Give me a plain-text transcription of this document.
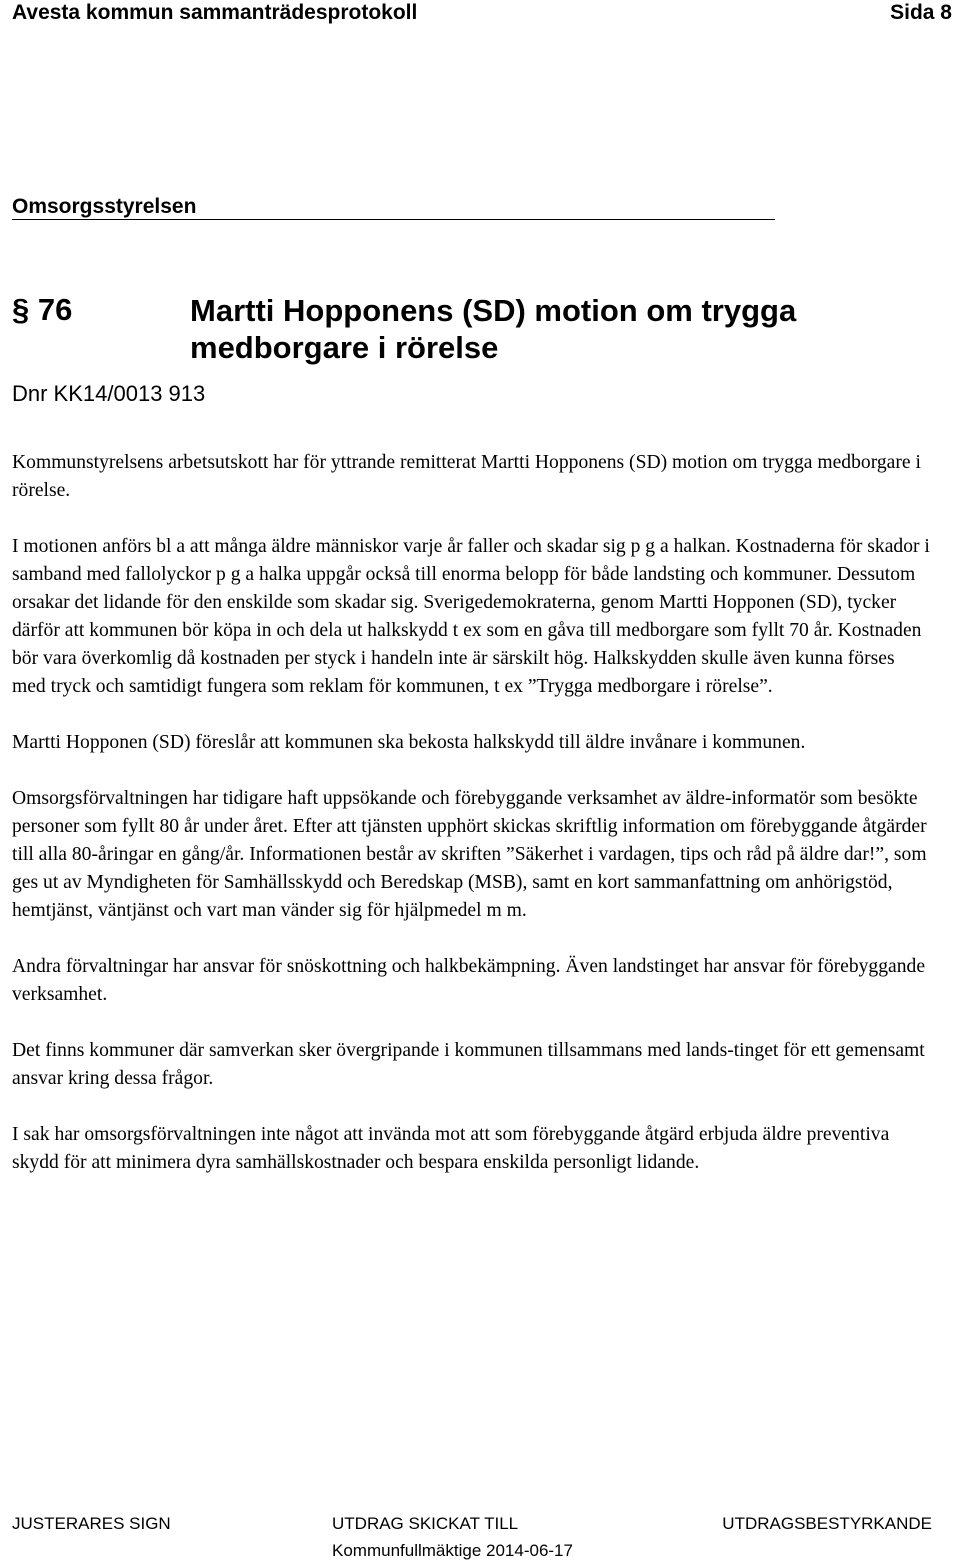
Avesta kommun sammanträdesprotokoll	Sida 8
Omsorgsstyrelsen
§ 76	Martti Hopponens (SD) motion om trygga
medborgare i rörelse
Dnr KK14/0013 913

Kommunstyrelsens arbetsutskott har för yttrande remitterat Martti Hopponens (SD) motion om trygga medborgare i rörelse.

I motionen anförs bl a att många äldre människor varje år faller och skadar sig p g a halkan. Kostnaderna för skador i samband med fallolyckor p g a halka uppgår också till enorma belopp för både landsting och kommuner. Dessutom orsakar det lidande för den enskilde som skadar sig. Sverigedemokraterna, genom Martti Hopponen (SD), tycker därför att kommunen bör köpa in och dela ut halkskydd t ex som en gåva till medborgare som fyllt 70 år. Kostnaden bör vara överkomlig då kostnaden per styck i handeln inte är särskilt hög. Halkskydden skulle även kunna förses med tryck och samtidigt fungera som reklam för kommunen, t ex ”Trygga medborgare i rörelse”.

Martti Hopponen (SD) föreslår att kommunen ska bekosta halkskydd till äldre invånare i kommunen.

Omsorgsförvaltningen har tidigare haft uppsökande och förebyggande verksamhet av äldre-informatör som besökte personer som fyllt 80 år under året. Efter att tjänsten upphört skickas skriftlig information om förebyggande åtgärder till alla 80-åringar en gång/år. Informationen består av skriften ”Säkerhet i vardagen, tips och råd på äldre dar!”, som ges ut av Myndigheten för Samhällsskydd och Beredskap (MSB), samt en kort sammanfattning om anhörigstöd, hemtjänst, väntjänst och vart man vänder sig för hjälpmedel m m.

Andra förvaltningar har ansvar för snöskottning och halkbekämpning. Även landstinget har ansvar för förebyggande verksamhet.

Det finns kommuner där samverkan sker övergripande i kommunen tillsammans med lands-tinget för ett gemensamt ansvar kring dessa frågor.

I sak har omsorgsförvaltningen inte något att invända mot att som förebyggande åtgärd erbjuda äldre preventiva skydd för att minimera dyra samhällskostnader och bespara enskilda personligt lidande.

JUSTERARES SIGN	UTDRAG SKICKAT TILL	UTDRAGSBESTYRKANDE
Kommunfullmäktige 2014-06-17
